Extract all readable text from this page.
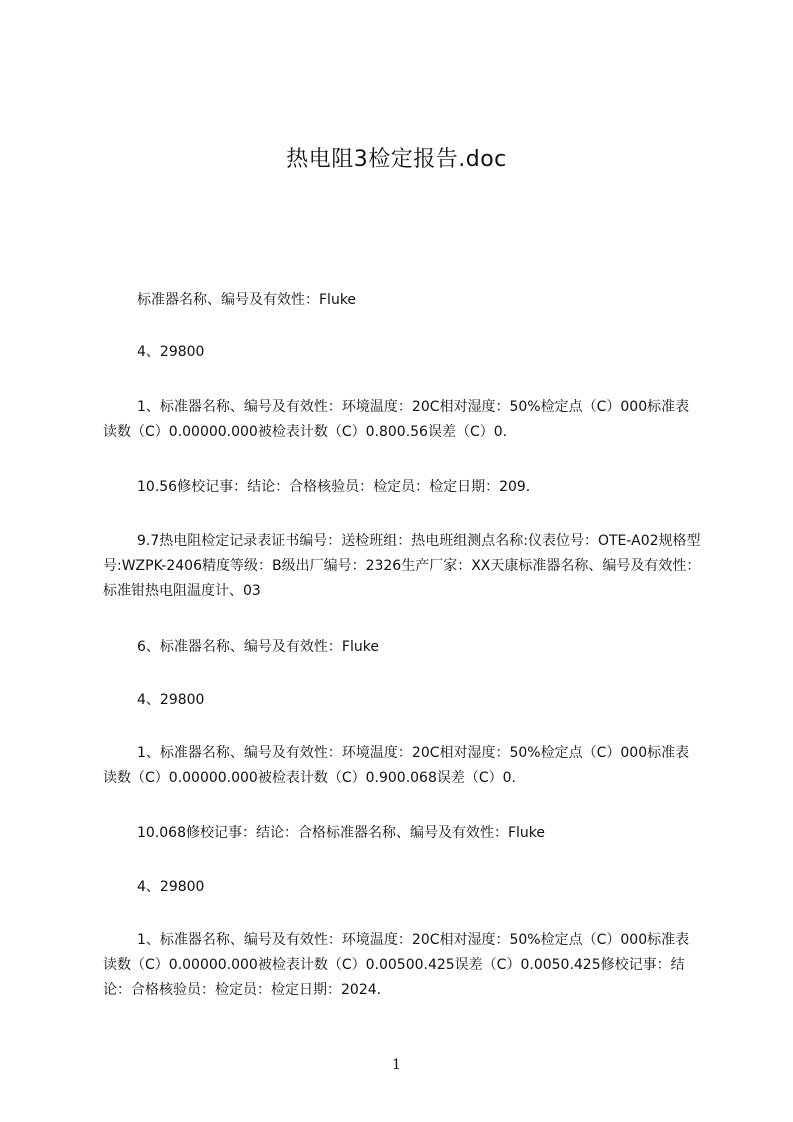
热电阻3检定报告.doc

标准器名称、编号及有效性：Fluke

4、29800

1、标准器名称、编号及有效性：环境温度：20C相对湿度：50%检定点（C）000标准表读数（C）0.00000.000被检表计数（C）0.800.56误差（C）0.

10.56修校记事：结论：合格核验员：检定员：检定日期：209.

9.7热电阻检定记录表证书编号：送检班组：热电班组测点名称:仪表位号：OTE-A02规格型号:WZPK-2406精度等级：B级出厂编号：2326生产厂家：XX天康标准器名称、编号及有效性：标准钳热电阻温度计、03

6、标准器名称、编号及有效性：Fluke

4、29800

1、标准器名称、编号及有效性：环境温度：20C相对湿度：50%检定点（C）000标准表读数（C）0.00000.000被检表计数（C）0.900.068误差（C）0.

10.068修校记事：结论：合格标准器名称、编号及有效性：Fluke

4、29800

1、标准器名称、编号及有效性：环境温度：20C相对湿度：50%检定点（C）000标准表读数（C）0.00000.000被检表计数（C）0.00500.425误差（C）0.0050.425修校记事：结论：合格核验员：检定员：检定日期：2024.

1
